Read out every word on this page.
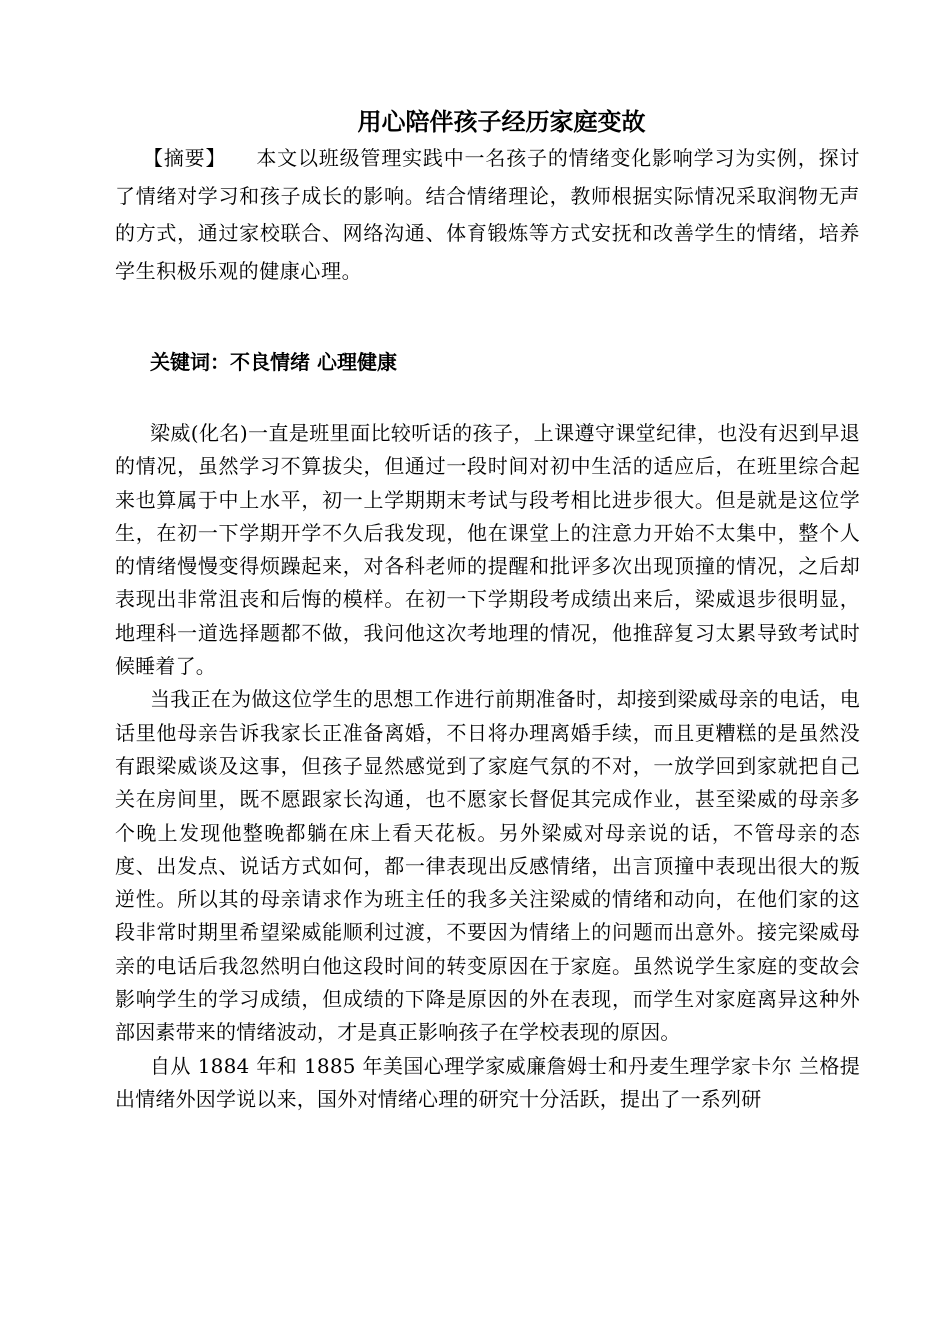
用心陪伴孩子经历家庭变故

【摘要】 本文以班级管理实践中一名孩子的情绪变化影响学习为实例，探讨了情绪对学习和孩子成长的影响。结合情绪理论，教师根据实际情况采取润物无声的方式，通过家校联合、网络沟通、体育锻炼等方式安抚和改善学生的情绪，培养学生积极乐观的健康心理。

关键词：不良情绪 心理健康

梁威(化名)一直是班里面比较听话的孩子，上课遵守课堂纪律，也没有迟到早退的情况，虽然学习不算拔尖，但通过一段时间对初中生活的适应后，在班里综合起来也算属于中上水平，初一上学期期末考试与段考相比进步很大。但是就是这位学生，在初一下学期开学不久后我发现，他在课堂上的注意力开始不太集中，整个人的情绪慢慢变得烦躁起来，对各科老师的提醒和批评多次出现顶撞的情况，之后却表现出非常沮丧和后悔的模样。在初一下学期段考成绩出来后，梁威退步很明显，地理科一道选择题都不做，我问他这次考地理的情况，他推辞复习太累导致考试时候睡着了。

当我正在为做这位学生的思想工作进行前期准备时，却接到梁威母亲的电话，电话里他母亲告诉我家长正准备离婚，不日将办理离婚手续，而且更糟糕的是虽然没有跟梁威谈及这事，但孩子显然感觉到了家庭气氛的不对，一放学回到家就把自己关在房间里，既不愿跟家长沟通，也不愿家长督促其完成作业，甚至梁威的母亲多个晚上发现他整晚都躺在床上看天花板。另外梁威对母亲说的话，不管母亲的态度、出发点、说话方式如何，都一律表现出反感情绪，出言顶撞中表现出很大的叛逆性。所以其的母亲请求作为班主任的我多关注梁威的情绪和动向，在他们家的这段非常时期里希望梁威能顺利过渡，不要因为情绪上的问题而出意外。接完梁威母亲的电话后我忽然明白他这段时间的转变原因在于家庭。虽然说学生家庭的变故会影响学生的学习成绩，但成绩的下降是原因的外在表现，而学生对家庭离异这种外部因素带来的情绪波动，才是真正影响孩子在学校表现的原因。

自从 1884 年和 1885 年美国心理学家威廉詹姆士和丹麦生理学家卡尔 兰格提出情绪外因学说以来，国外对情绪心理的研究十分活跃，提出了一系列研
